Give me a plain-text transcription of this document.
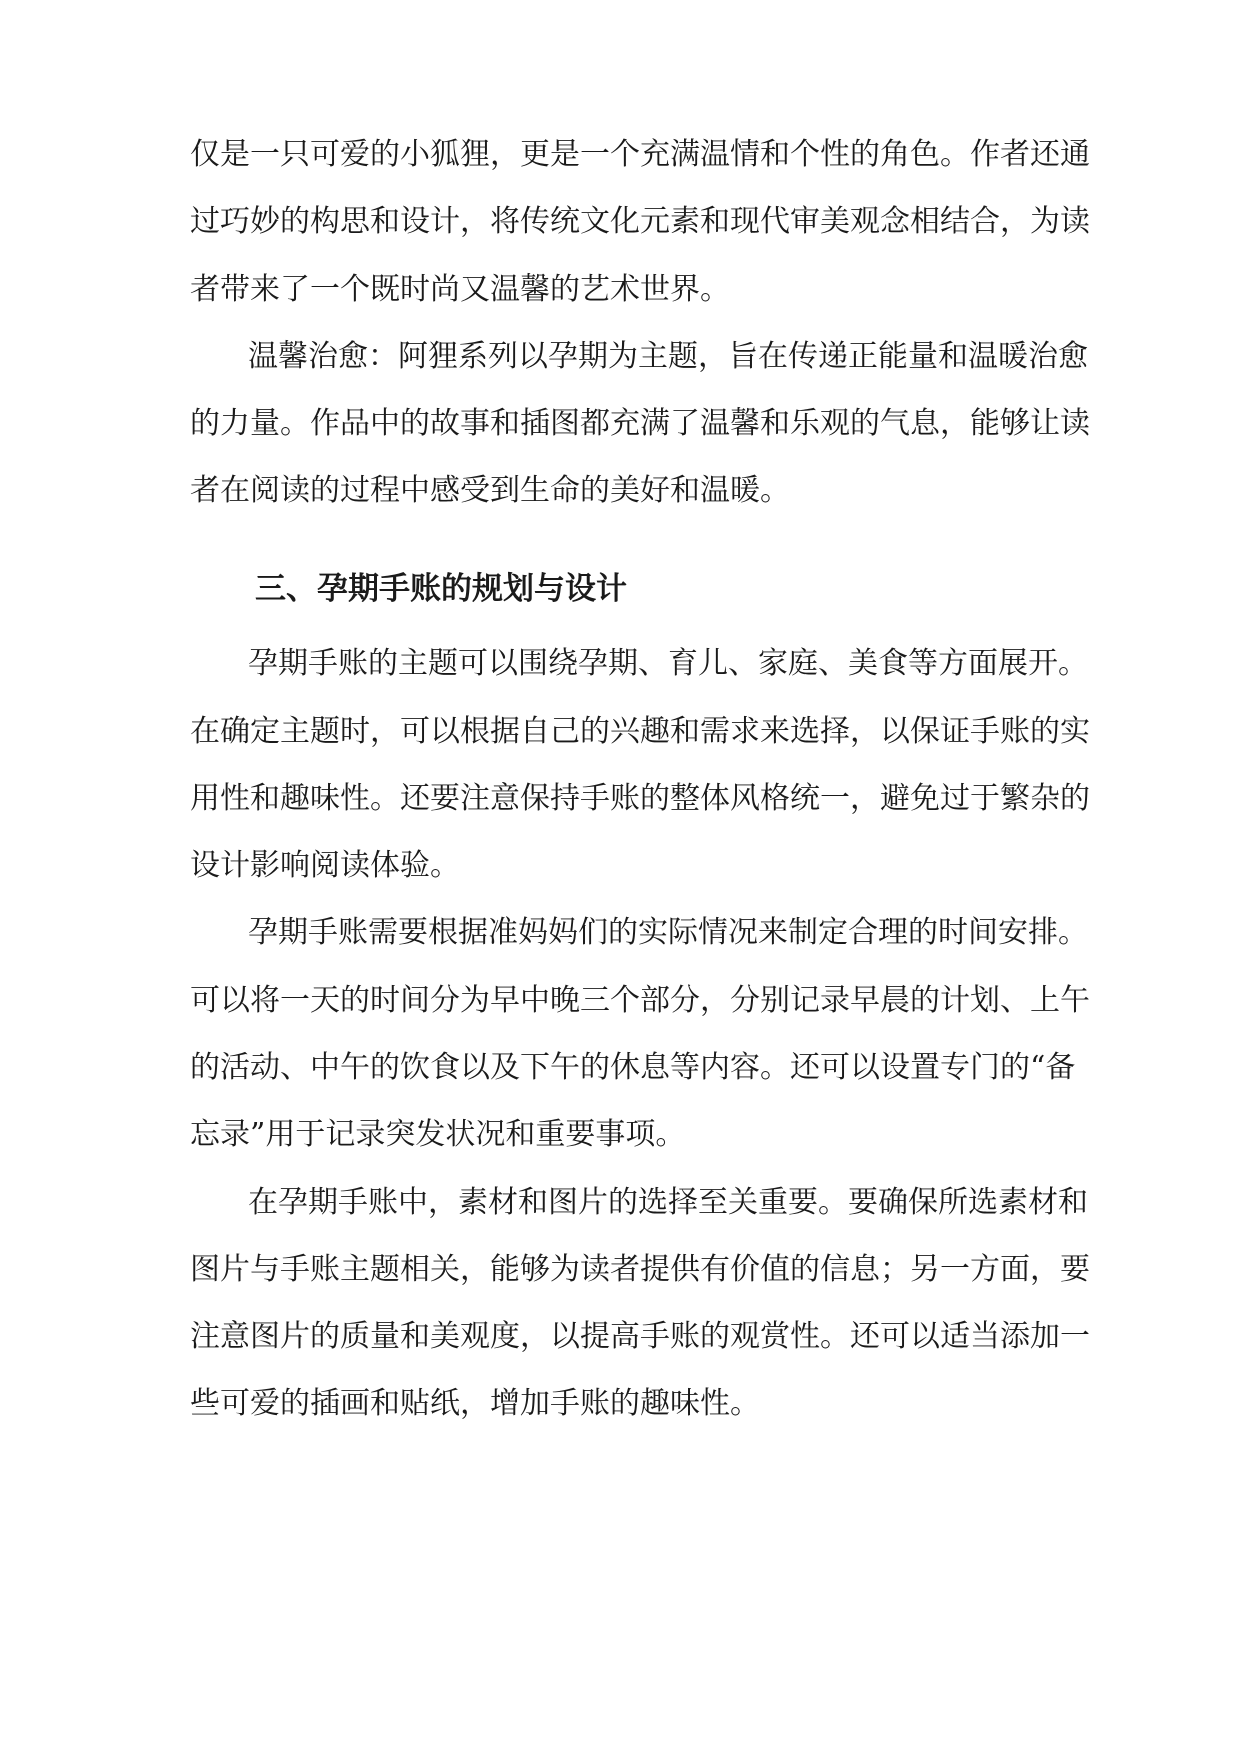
仅是一只可爱的小狐狸，更是一个充满温情和个性的角色。作者还通
过巧妙的构思和设计，将传统文化元素和现代审美观念相结合，为读
者带来了一个既时尚又温馨的艺术世界。
温馨治愈：阿狸系列以孕期为主题，旨在传递正能量和温暖治愈
的力量。作品中的故事和插图都充满了温馨和乐观的气息，能够让读
者在阅读的过程中感受到生命的美好和温暖。
三、孕期手账的规划与设计
孕期手账的主题可以围绕孕期、育儿、家庭、美食等方面展开。
在确定主题时，可以根据自己的兴趣和需求来选择，以保证手账的实
用性和趣味性。还要注意保持手账的整体风格统一，避免过于繁杂的
设计影响阅读体验。
孕期手账需要根据准妈妈们的实际情况来制定合理的时间安排。
可以将一天的时间分为早中晚三个部分，分别记录早晨的计划、上午
的活动、中午的饮食以及下午的休息等内容。还可以设置专门的“备
忘录”用于记录突发状况和重要事项。
在孕期手账中，素材和图片的选择至关重要。要确保所选素材和
图片与手账主题相关，能够为读者提供有价值的信息；另一方面，要
注意图片的质量和美观度，以提高手账的观赏性。还可以适当添加一
些可爱的插画和贴纸，增加手账的趣味性。
